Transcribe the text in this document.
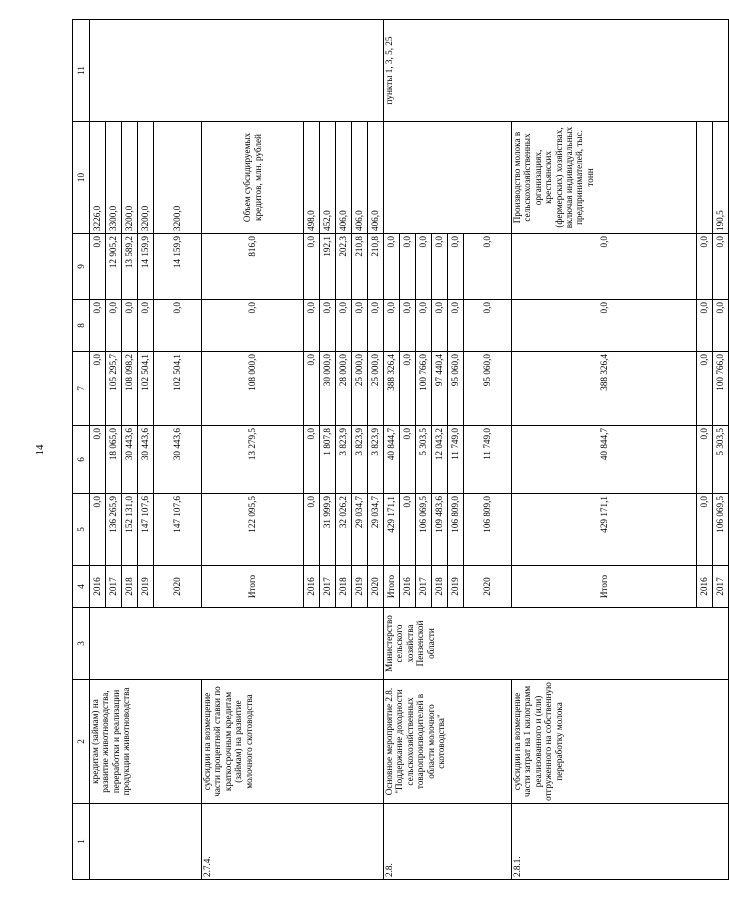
14
1	2	3	4	5	6	7	8	9	10	11

	кредитам (займам) на развитие животноводства, переработки и реализации продукции животноводства		2016	0,0	0,0	0,0	0,0	0,0	3226,0	
			2017	136 265,9	18 065,0	105 295,7	0,0	12 905,2	3300,0	
			2018	152 131,0	30 443,6	108 098,2	0,0	13 589,2	3200,0	
			2019	147 107,6	30 443,6	102 504,1	0,0	14 159,9	3200,0	
			2020	147 107,6	30 443,6	102 504,1	0,0	14 159,9	3200,0	
2.7.4.	субсидии на возмещение части процентной ставки по краткосрочным кредитам (займам) на развитие молочного скотоводства		Итого	122 095,5	13 279,5	108 000,0	0,0	816,0	Объем субсидируемых кредитов, млн. рублей	
			2016	0,0	0,0	0,0	0,0	0,0	498,0	
			2017	31 999,9	1 807,8	30 000,0	0,0	192,1	452,0	
			2018	32 026,2	3 823,9	28 000,0	0,0	202,3	406,0	
			2019	29 034,7	3 823,9	25 000,0	0,0	210,8	406,0	
			2020	29 034,7	3 823,9	25 000,0	0,0	210,8	406,0	
2.8.	Основное мероприятие 2.8. "Поддержание доходности сельскохозяйственных товаропроизводителей в области молочного скотоводства"	Министерство сельского хозяйства Пензенской области	Итого	429 171,1	40 844,7	388 326,4	0,0	0,0		пункты 1, 3, 5, 25

			2016	0,0	0,0	0,0	0,0	0,0		
			2017	106 069,5	5 303,5	100 766,0	0,0	0,0		
			2018	109 483,6	12 043,2	97 440,4	0,0	0,0		
			2019	106 809,0	11 749,0	95 060,0	0,0	0,0		
			2020	106 809,0	11 749,0	95 060,0	0,0	0,0		
2.8.1.	субсидии на возмещение части затрат на 1 килограмм реализованного и (или) отгруженного на собственную переработку молока		Итого	429 171,1	40 844,7	388 326,4	0,0	0,0	Производство молока в сельскохозяйственных организациях, крестьянских (фермерских) хозяйствах, включая индивидуальных предпринимателей, тыс. тонн	
			2016	0,0	0,0	0,0	0,0	0,0		
			2017	106 069,5	5 303,5	100 766,0	0,0	0,0	190,5	
